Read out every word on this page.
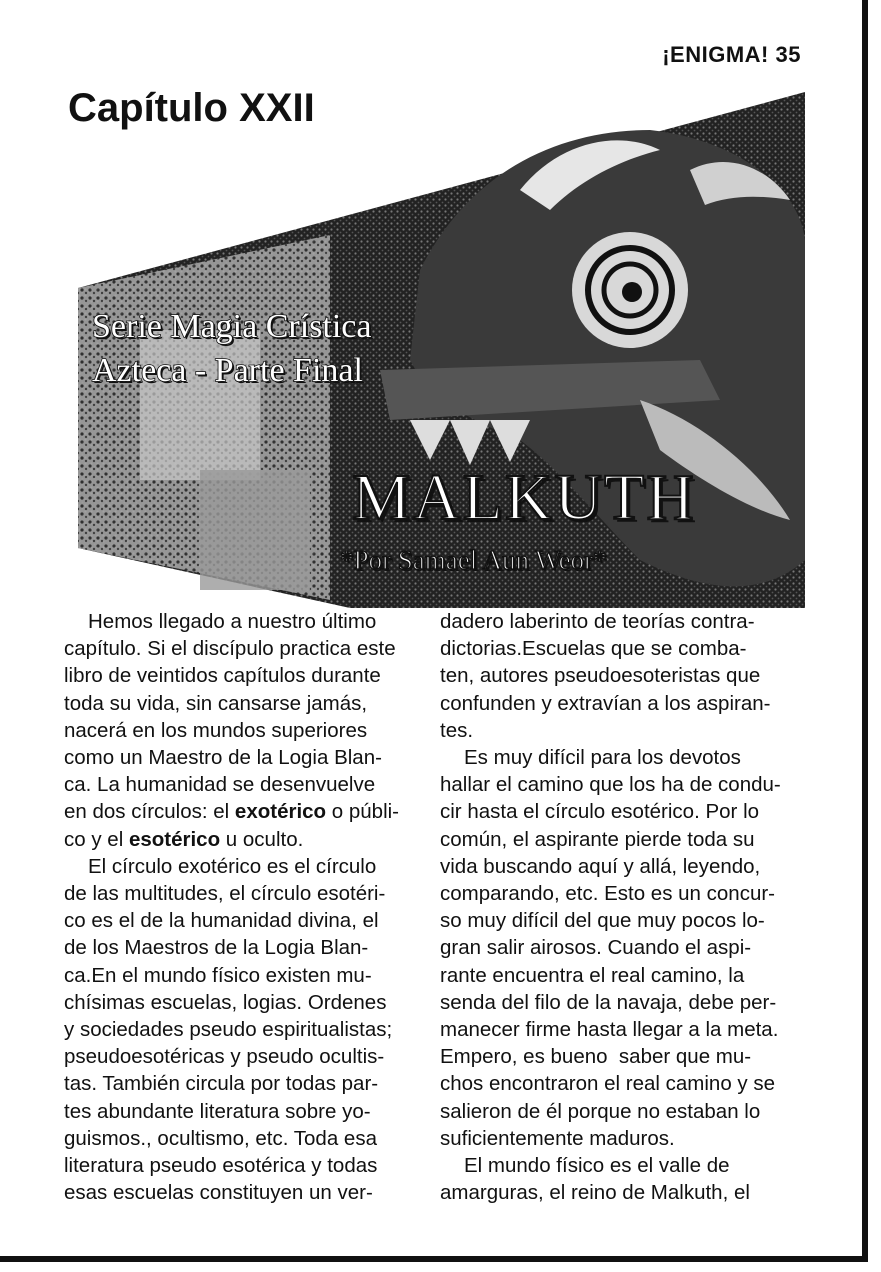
¡ENIGMA! 35
Capítulo XXII
Serie Magia Crística
Azteca - Parte Final
MALKUTH
*Por Samael Aun Weor*

Hemos llegado a nuestro último

capítulo. Si el discípulo practica este

libro de veintidos capítulos durante

toda su vida, sin cansarse jamás,

nacerá en los mundos superiores

como un Maestro de la Logia Blan-

ca. La humanidad se desenvuelve

en dos círculos: el exotérico o públi-

co y el esotérico u oculto.

El círculo exotérico es el círculo

de las multitudes, el círculo esotéri-

co es el de la humanidad divina, el

de los Maestros de la Logia Blan-

ca.En el mundo físico existen mu-

chísimas escuelas, logias. Ordenes

y sociedades pseudo espiritualistas;

pseudoesotéricas y pseudo ocultis-

tas. También circula por todas par-

tes abundante literatura sobre yo-

guismos., ocultismo, etc. Toda esa

literatura pseudo esotérica y todas

esas escuelas constituyen un ver-

dadero laberinto de teorías contra-

dictorias.Escuelas que se comba-

ten, autores pseudoesoteristas que

confunden y extravían a los aspiran-

tes.

Es muy difícil para los devotos

hallar el camino que los ha de condu-

cir hasta el círculo esotérico. Por lo

común, el aspirante pierde toda su

vida buscando aquí y allá, leyendo,

comparando, etc. Esto es un concur-

so muy difícil del que muy pocos lo-

gran salir airosos. Cuando el aspi-

rante encuentra el real camino, la

senda del filo de la navaja, debe per-

manecer firme hasta llegar a la meta.

Empero, es bueno  saber que mu-

chos encontraron el real camino y se

salieron de él porque no estaban lo

suficientemente maduros.

El mundo físico es el valle de

amarguras, el reino de Malkuth, el
